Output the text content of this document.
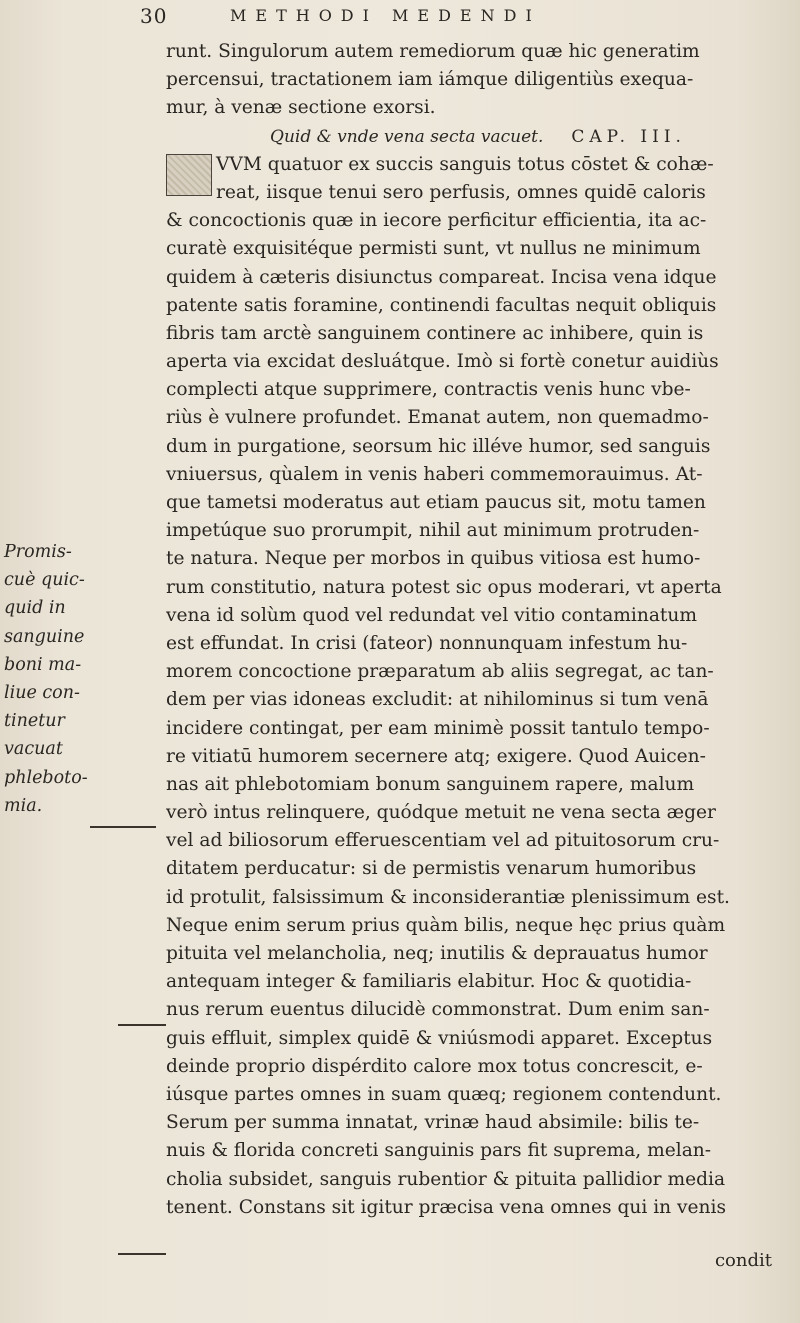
30	METHODI MEDENDI
runt. Singulorum autem remediorum quæ hic generatim
percensui, tractationem iam iámque diligentiùs exequa-
mur, à venæ sectione exorsi.
Quid & vnde vena secta vacuet. CAP. III.
VVM quatuor ex succis sanguis totus cōstet & cohæ-
reat, iisque tenui sero perfusis, omnes quidē caloris
& concoctionis quæ in iecore perficitur efficientia, ita ac-
curatè exquisitéque permisti sunt, vt nullus ne minimum
quidem à cæteris disiunctus compareat. Incisa vena idque
patente satis foramine, continendi facultas nequit obliquis
fibris tam arctè sanguinem continere ac inhibere, quin is
aperta via excidat desluátque. Imò si fortè conetur auidiùs
complecti atque supprimere, contractis venis hunc vbe-
riùs è vulnere profundet. Emanat autem, non quemadmo-
dum in purgatione, seorsum hic illéve humor, sed sanguis
vniuersus, qùalem in venis haberi commemorauimus. At-
que tametsi moderatus aut etiam paucus sit, motu tamen
impetúque suo prorumpit, nihil aut minimum protruden-
te natura. Neque per morbos in quibus vitiosa est humo-
rum constitutio, natura potest sic opus moderari, vt aperta
vena id solùm quod vel redundat vel vitio contaminatum
est effundat. In crisi (fateor) nonnunquam infestum hu-
morem concoctione præparatum ab aliis segregat, ac tan-
dem per vias idoneas excludit: at nihilominus si tum venā
incidere contingat, per eam minimè possit tantulo tempo-
re vitiatū humorem secernere atq; exigere. Quod Auicen-
nas ait phlebotomiam bonum sanguinem rapere, malum
verò intus relinquere, quódque metuit ne vena secta æger
vel ad biliosorum efferuescentiam vel ad pituitosorum cru-
ditatem perducatur: si de permistis venarum humoribus
id protulit, falsissimum & inconsiderantiæ plenissimum est.
Neque enim serum prius quàm bilis, neque hęc prius quàm
pituita vel melancholia, neq; inutilis & deprauatus humor
antequam integer & familiaris elabitur. Hoc & quotidia-
nus rerum euentus dilucidè commonstrat. Dum enim san-
guis effluit, simplex quidē & vniúsmodi apparet. Exceptus
deinde proprio dispérdito calore mox totus concrescit, e-
iúsque partes omnes in suam quæq; regionem contendunt.
Serum per summa innatat, vrinæ haud absimile: bilis te-
nuis & florida concreti sanguinis pars fit suprema, melan-
cholia subsidet, sanguis rubentior & pituita pallidior media
tenent. Constans sit igitur præcisa vena omnes qui in venis
Promis-
cuè quic-
quid in
sanguine
boni ma-
liue con-
tinetur
vacuat
phleboto-
mia.
condit
